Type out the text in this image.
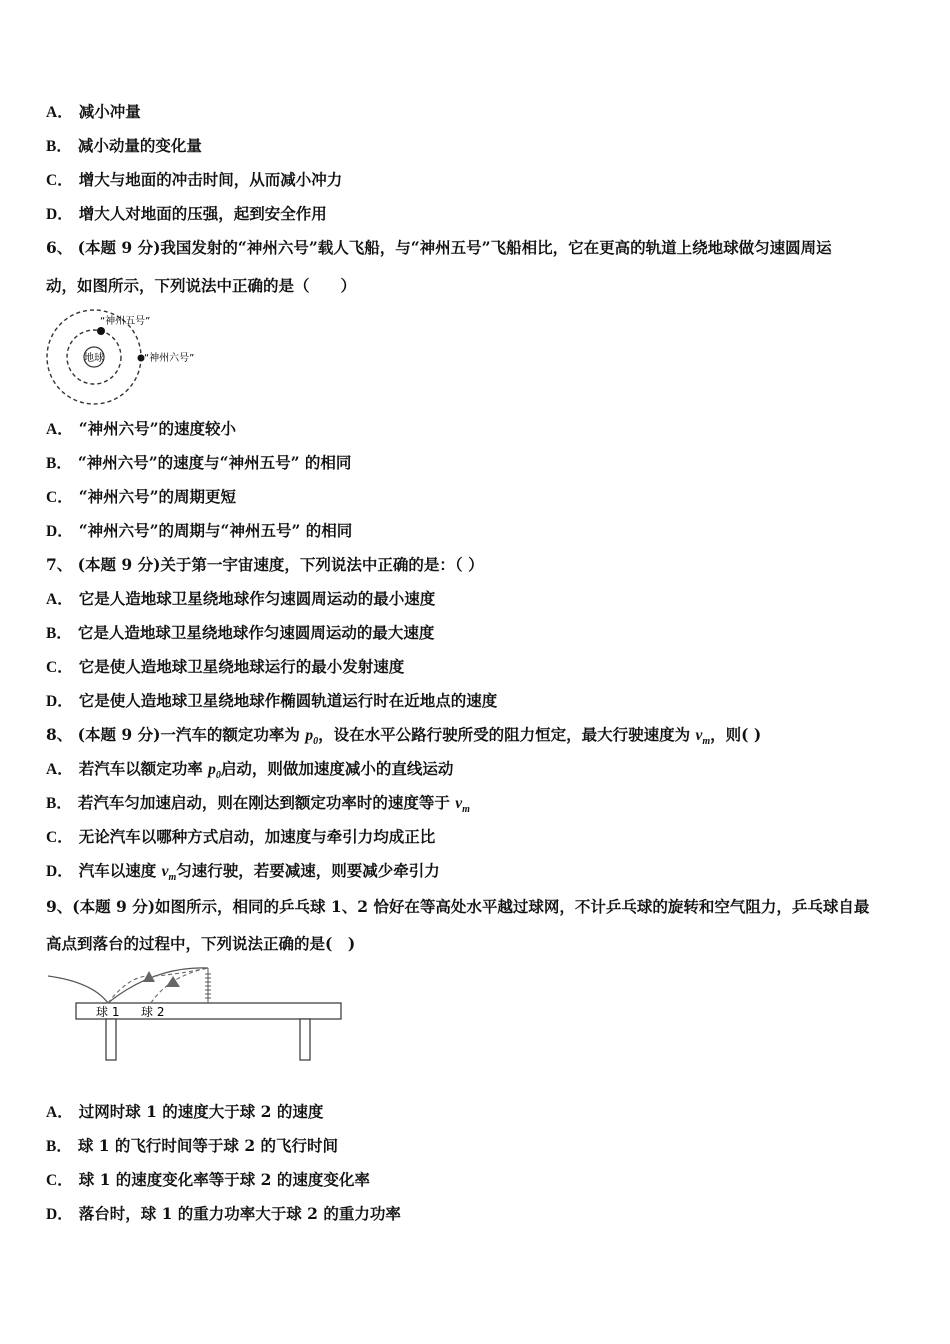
A． 减小冲量
B． 减小动量的变化量
C． 增大与地面的冲击时间，从而减小冲力
D． 增大人对地面的压强，起到安全作用
6、 (本题 9 分)我国发射的“神州六号”载人飞船，与“神州五号”飞船相比，它在更高的轨道上绕地球做匀速圆周运
动，如图所示，下列说法中正确的是（　　）
地球
“神州五号”
“神州六号”
A． “神州六号”的速度较小
B． “神州六号”的速度与“神州五号” 的相同
C． “神州六号”的周期更短
D． “神州六号”的周期与“神州五号” 的相同
7、 (本题 9 分)关于第一宇宙速度，下列说法中正确的是：（ ）
A． 它是人造地球卫星绕地球作匀速圆周运动的最小速度
B． 它是人造地球卫星绕地球作匀速圆周运动的最大速度
C． 它是使人造地球卫星绕地球运行的最小发射速度
D． 它是使人造地球卫星绕地球作椭圆轨道运行时在近地点的速度
8、 (本题 9 分)一汽车的额定功率为 $p_0$，设在水平公路行驶所受的阻力恒定，最大行驶速度为 $v_m$，则( )
A． 若汽车以额定功率 $p_0$启动，则做加速度减小的直线运动
B． 若汽车匀加速启动，则在刚达到额定功率时的速度等于 $v_m$
C． 无论汽车以哪种方式启动，加速度与牵引力均成正比
D． 汽车以速度 $v_m$匀速行驶，若要减速，则要减少牵引力
9、(本题 9 分)如图所示，相同的乒乓球 1、2 恰好在等高处水平越过球网，不计乒乓球的旋转和空气阻力，乒乓球自最
高点到落台的过程中，下列说法正确的是(　)
球 1 球 2
A． 过网时球 1 的速度大于球 2 的速度
B． 球 1 的飞行时间等于球 2 的飞行时间
C． 球 1 的速度变化率等于球 2 的速度变化率
D． 落台时，球 1 的重力功率大于球 2 的重力功率
